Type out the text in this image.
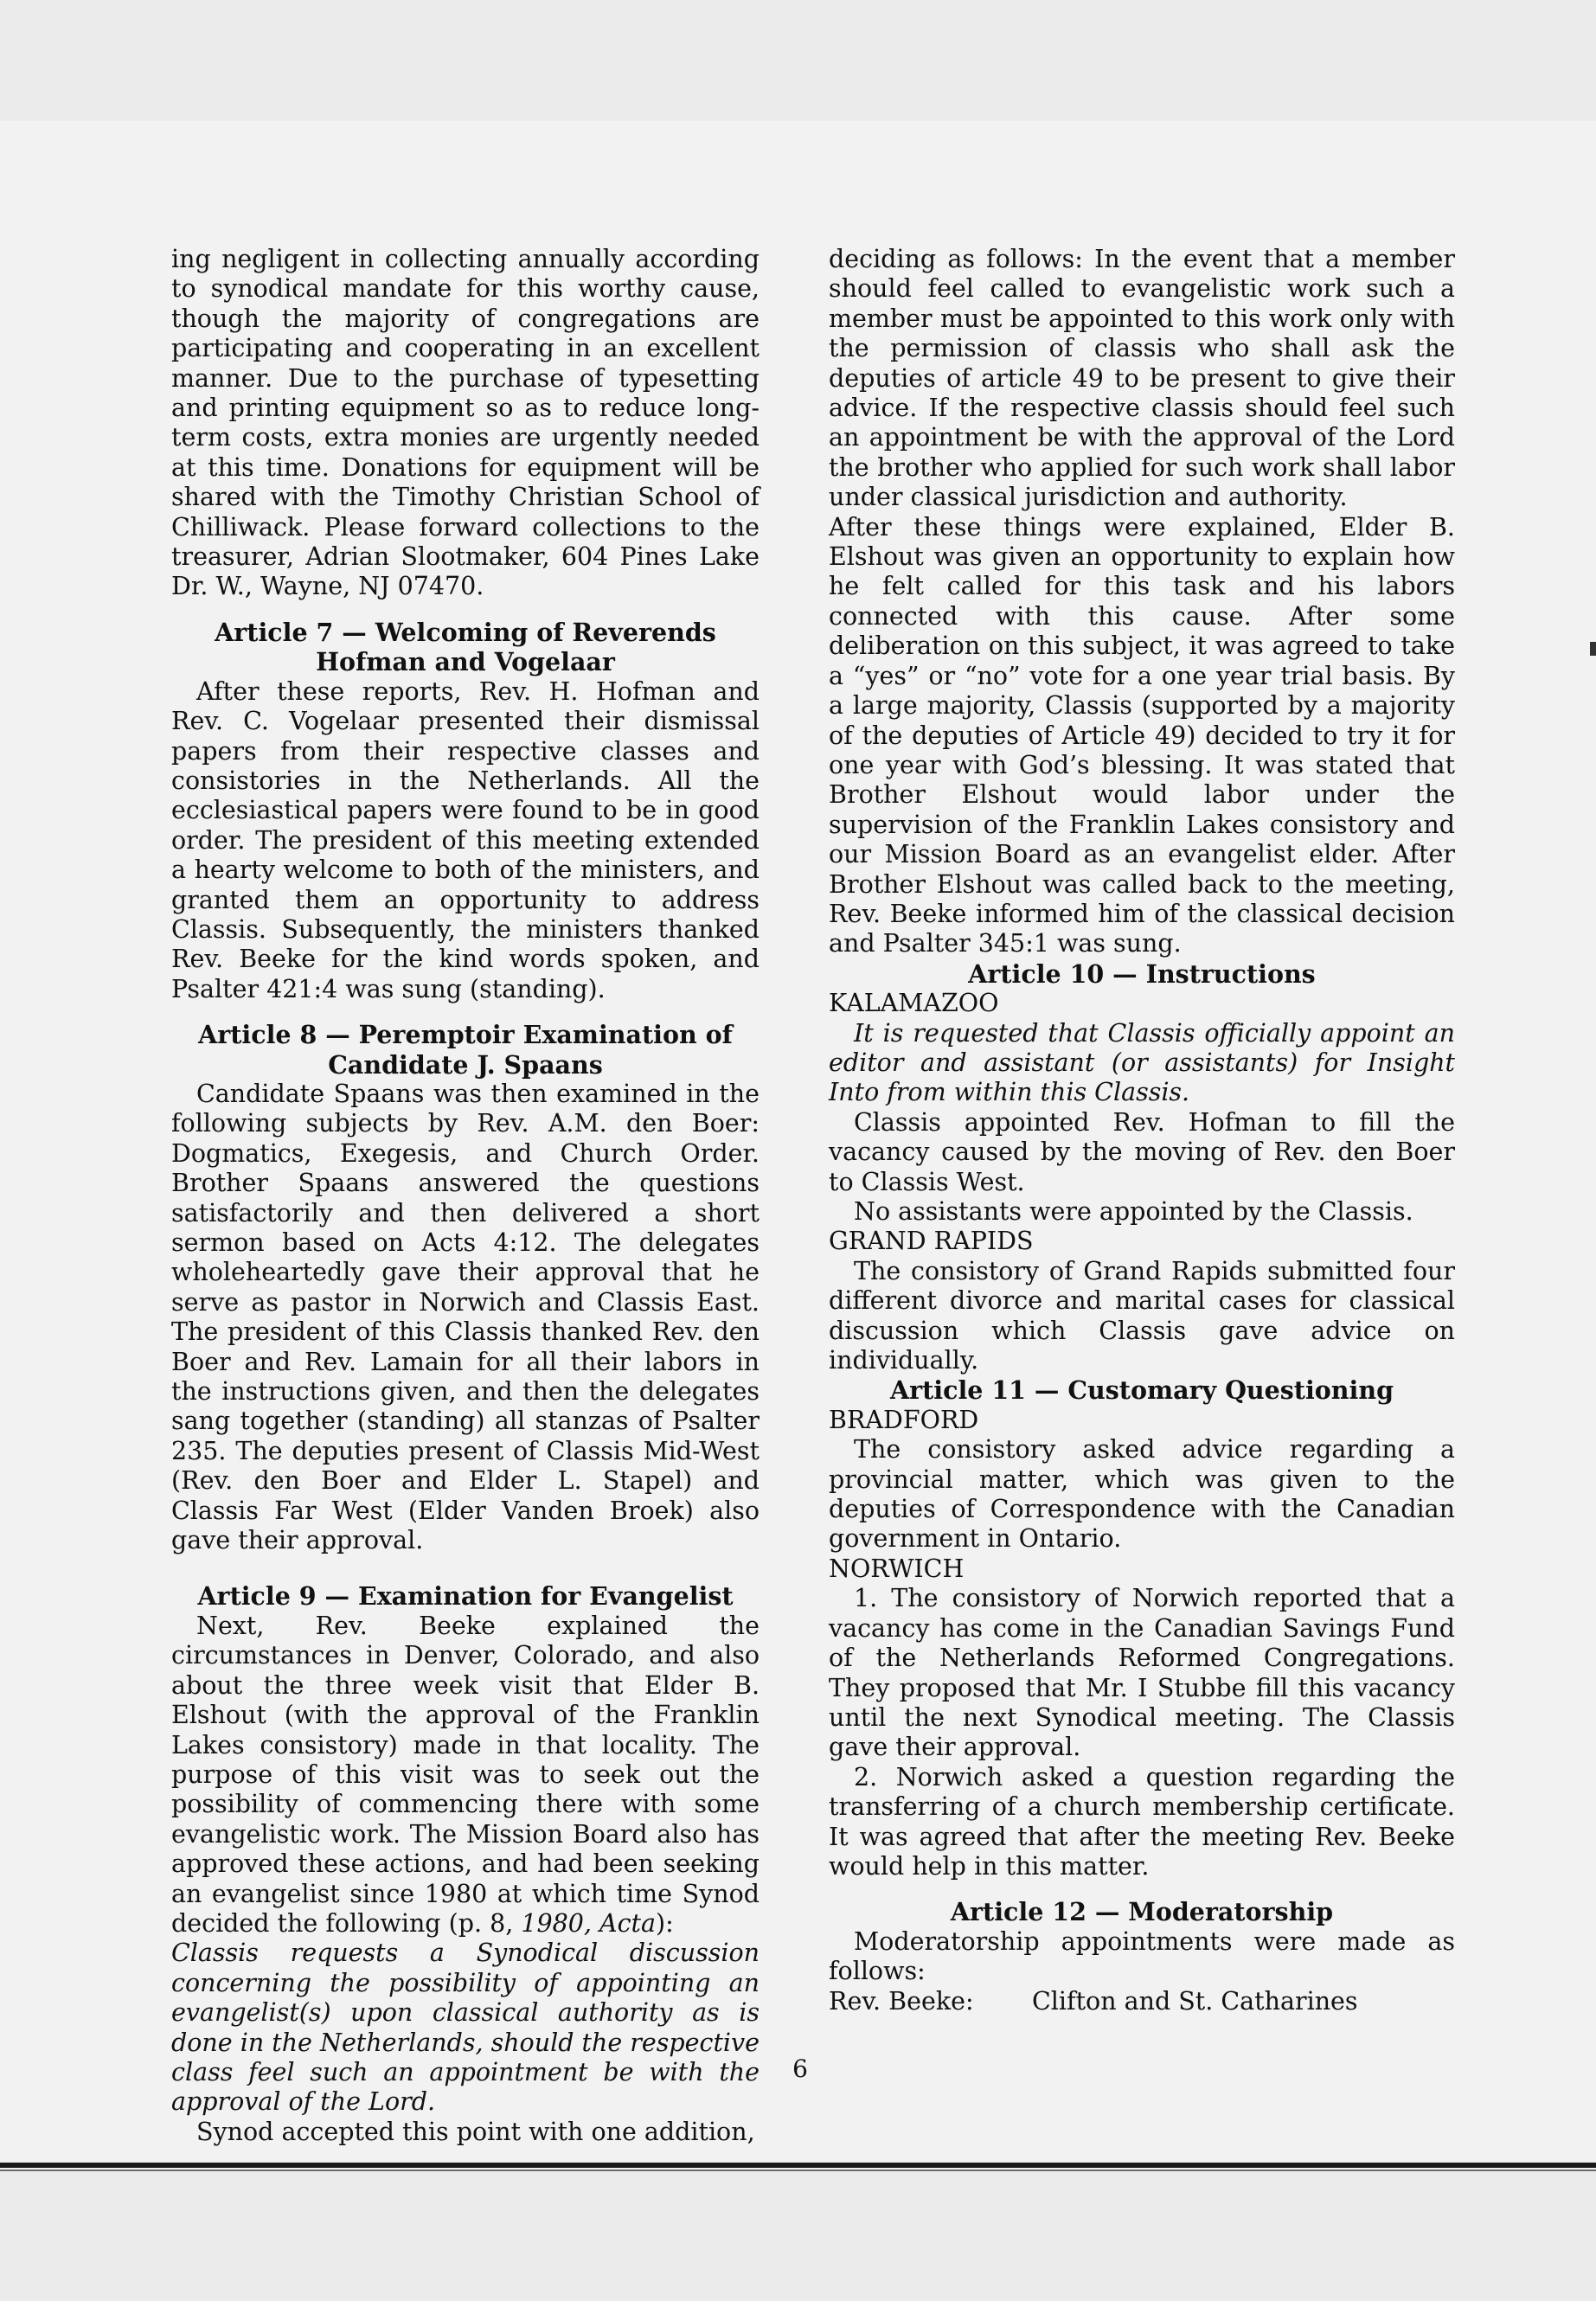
ing negligent in collecting annually according to synodical mandate for this worthy cause, though the majority of congregations are participating and cooperating in an excellent manner. Due to the purchase of typesetting and printing equipment so as to reduce long-term costs, extra monies are urgently needed at this time. Donations for equipment will be shared with the Timothy Christian School of Chilliwack. Please forward collections to the treasurer, Adrian Slootmaker, 604 Pines Lake Dr. W., Wayne, NJ 07470.

Article 7 — Welcoming of Reverends

Hofman and Vogelaar

After these reports, Rev. H. Hofman and Rev. C. Vogelaar presented their dismissal papers from their respective classes and consistories in the Netherlands. All the ecclesiastical papers were found to be in good order. The president of this meeting extended a hearty welcome to both of the ministers, and granted them an opportunity to address Classis. Subsequently, the ministers thanked Rev. Beeke for the kind words spoken, and Psalter 421:4 was sung (standing).

Article 8 — Peremptoir Examination of

Candidate J. Spaans

Candidate Spaans was then examined in the following subjects by Rev. A.M. den Boer: Dogmatics, Exegesis, and Church Order. Brother Spaans answered the questions satisfactorily and then delivered a short sermon based on Acts 4:12. The delegates wholeheartedly gave their approval that he serve as pastor in Norwich and Classis East. The president of this Classis thanked Rev. den Boer and Rev. Lamain for all their labors in the instructions given, and then the delegates sang together (standing) all stanzas of Psalter 235. The deputies present of Classis Mid-West (Rev. den Boer and Elder L. Stapel) and Classis Far West (Elder Vanden Broek) also gave their approval.

Article 9 — Examination for Evangelist

Next, Rev. Beeke explained the circumstances in Denver, Colorado, and also about the three week visit that Elder B. Elshout (with the approval of the Franklin Lakes consistory) made in that locality. The purpose of this visit was to seek out the possibility of commencing there with some evangelistic work. The Mission Board also has approved these actions, and had been seeking an evangelist since 1980 at which time Synod decided the following (p. 8, 1980, Acta):

Classis requests a Synodical discussion concerning the possibility of appointing an evangelist(s) upon classical authority as is done in the Netherlands, should the respective class feel such an appointment be with the approval of the Lord.

Synod accepted this point with one addition,

deciding as follows: In the event that a member should feel called to evangelistic work such a member must be appointed to this work only with the permission of classis who shall ask the deputies of article 49 to be present to give their advice. If the respective classis should feel such an appointment be with the approval of the Lord the brother who applied for such work shall labor under classical jurisdiction and authority.

After these things were explained, Elder B. Elshout was given an opportunity to explain how he felt called for this task and his labors connected with this cause. After some deliberation on this subject, it was agreed to take a “yes” or “no” vote for a one year trial basis. By a large majority, Classis (supported by a majority of the deputies of Article 49) decided to try it for one year with God’s blessing. It was stated that Brother Elshout would labor under the supervision of the Franklin Lakes consistory and our Mission Board as an evangelist elder. After Brother Elshout was called back to the meeting, Rev. Beeke informed him of the classical decision and Psalter 345:1 was sung.

Article 10 — Instructions

KALAMAZOO

It is requested that Classis officially appoint an editor and assistant (or assistants) for Insight Into from within this Classis.

Classis appointed Rev. Hofman to fill the vacancy caused by the moving of Rev. den Boer to Classis West.

No assistants were appointed by the Classis.

GRAND RAPIDS

The consistory of Grand Rapids submitted four different divorce and marital cases for classical discussion which Classis gave advice on individually.

Article 11 — Customary Questioning

BRADFORD

The consistory asked advice regarding a provincial matter, which was given to the deputies of Correspondence with the Canadian government in Ontario.

NORWICH

1. The consistory of Norwich reported that a vacancy has come in the Canadian Savings Fund of the Netherlands Reformed Congregations. They proposed that Mr. I Stubbe fill this vacancy until the next Synodical meeting. The Classis gave their approval.

2. Norwich asked a question regarding the transferring of a church membership certificate. It was agreed that after the meeting Rev. Beeke would help in this matter.

Article 12 — Moderatorship

Moderatorship appointments were made as follows:

Rev. Beeke:	Clifton and St. Catharines
6
